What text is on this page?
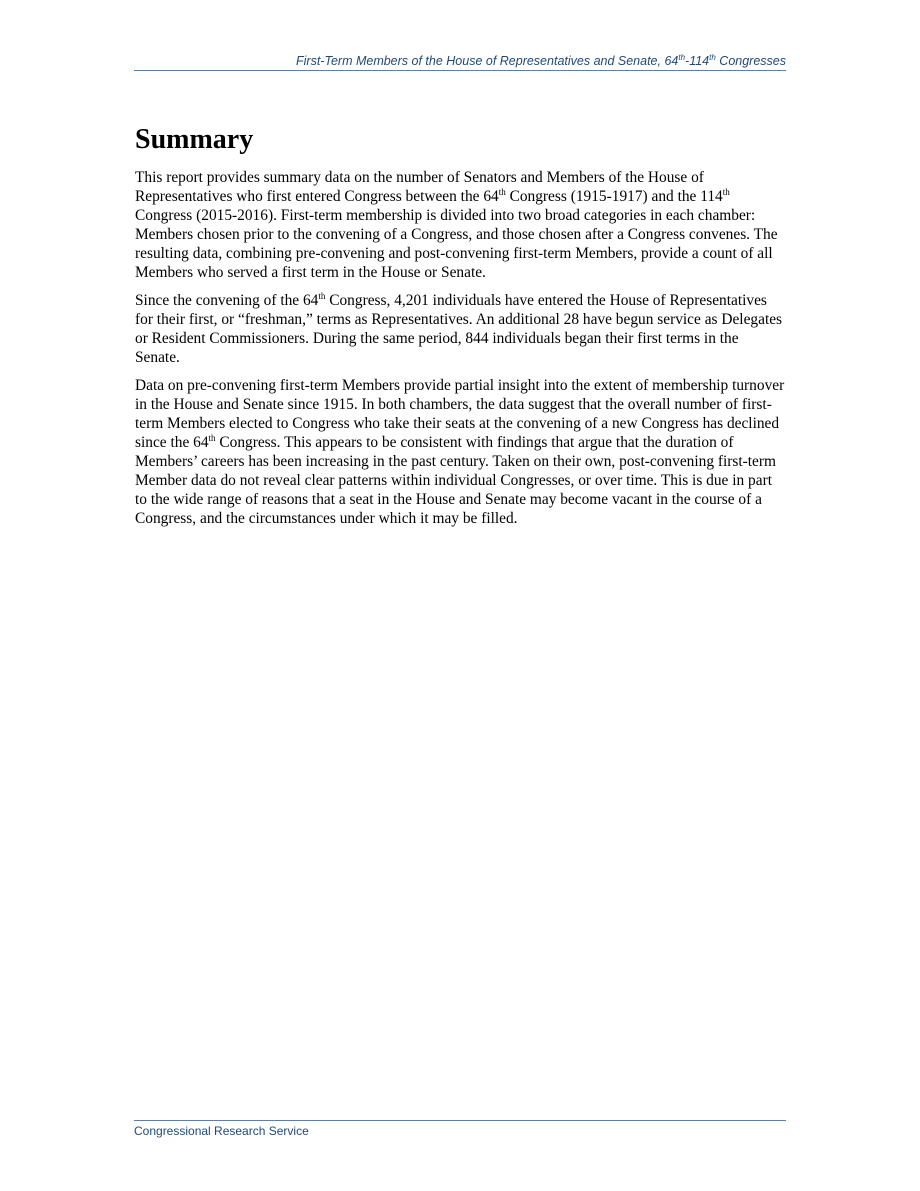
First-Term Members of the House of Representatives and Senate, 64th-114th Congresses
Summary

This report provides summary data on the number of Senators and Members of the House of Representatives who first entered Congress between the 64th Congress (1915-1917) and the 114th Congress (2015-2016). First-term membership is divided into two broad categories in each chamber: Members chosen prior to the convening of a Congress, and those chosen after a Congress convenes. The resulting data, combining pre-convening and post-convening first-term Members, provide a count of all Members who served a first term in the House or Senate.

Since the convening of the 64th Congress, 4,201 individuals have entered the House of Representatives for their first, or “freshman,” terms as Representatives. An additional 28 have begun service as Delegates or Resident Commissioners. During the same period, 844 individuals began their first terms in the Senate.

Data on pre-convening first-term Members provide partial insight into the extent of membership turnover in the House and Senate since 1915. In both chambers, the data suggest that the overall number of first-term Members elected to Congress who take their seats at the convening of a new Congress has declined since the 64th Congress. This appears to be consistent with findings that argue that the duration of Members’ careers has been increasing in the past century. Taken on their own, post-convening first-term Member data do not reveal clear patterns within individual Congresses, or over time. This is due in part to the wide range of reasons that a seat in the House and Senate may become vacant in the course of a Congress, and the circumstances under which it may be filled.

Congressional Research Service
